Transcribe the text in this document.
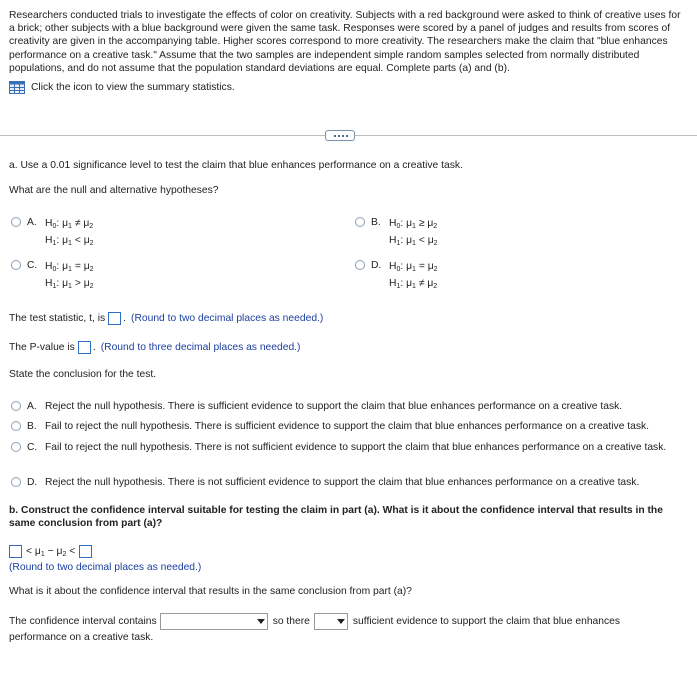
Researchers conducted trials to investigate the effects of color on creativity. Subjects with a red background were asked to think of creative uses for a brick; other subjects with a blue background were given the same task. Responses were scored by a panel of judges and results from scores of creativity are given in the accompanying table. Higher scores correspond to more creativity. The researchers make the claim that "blue enhances performance on a creative task." Assume that the two samples are independent simple random samples selected from normally distributed populations, and do not assume that the population standard deviations are equal. Complete parts (a) and (b).
Click the icon to view the summary statistics.
a. Use a 0.01 significance level to test the claim that blue enhances performance on a creative task.
What are the null and alternative hypotheses?
A. $H_0$: $\mu_1 \ne \mu_2$
$H_1$: $\mu_1 < \mu_2$
B. $H_0$: $\mu_1 \ge \mu_2$
$H_1$: $\mu_1 < \mu_2$
C. $H_0$: $\mu_1 = \mu_2$
$H_1$: $\mu_1 > \mu_2$
D. $H_0$: $\mu_1 = \mu_2$
$H_1$: $\mu_1 \ne \mu_2$
The test statistic, t, is . (Round to two decimal places as needed.)
The P-value is . (Round to three decimal places as needed.)
State the conclusion for the test.
A. Reject the null hypothesis. There is sufficient evidence to support the claim that blue enhances performance on a creative task.
B. Fail to reject the null hypothesis. There is sufficient evidence to support the claim that blue enhances performance on a creative task.
C. Fail to reject the null hypothesis. There is not sufficient evidence to support the claim that blue enhances performance on a creative task.
D. Reject the null hypothesis. There is not sufficient evidence to support the claim that blue enhances performance on a creative task.
b. Construct the confidence interval suitable for testing the claim in part (a). What is it about the confidence interval that results in the same conclusion from part (a)?
< $\mu_1 - \mu_2$ <
(Round to two decimal places as needed.)
What is it about the confidence interval that results in the same conclusion from part (a)?
The confidence interval contains	so there	sufficient evidence to support the claim that blue enhances
performance on a creative task.
